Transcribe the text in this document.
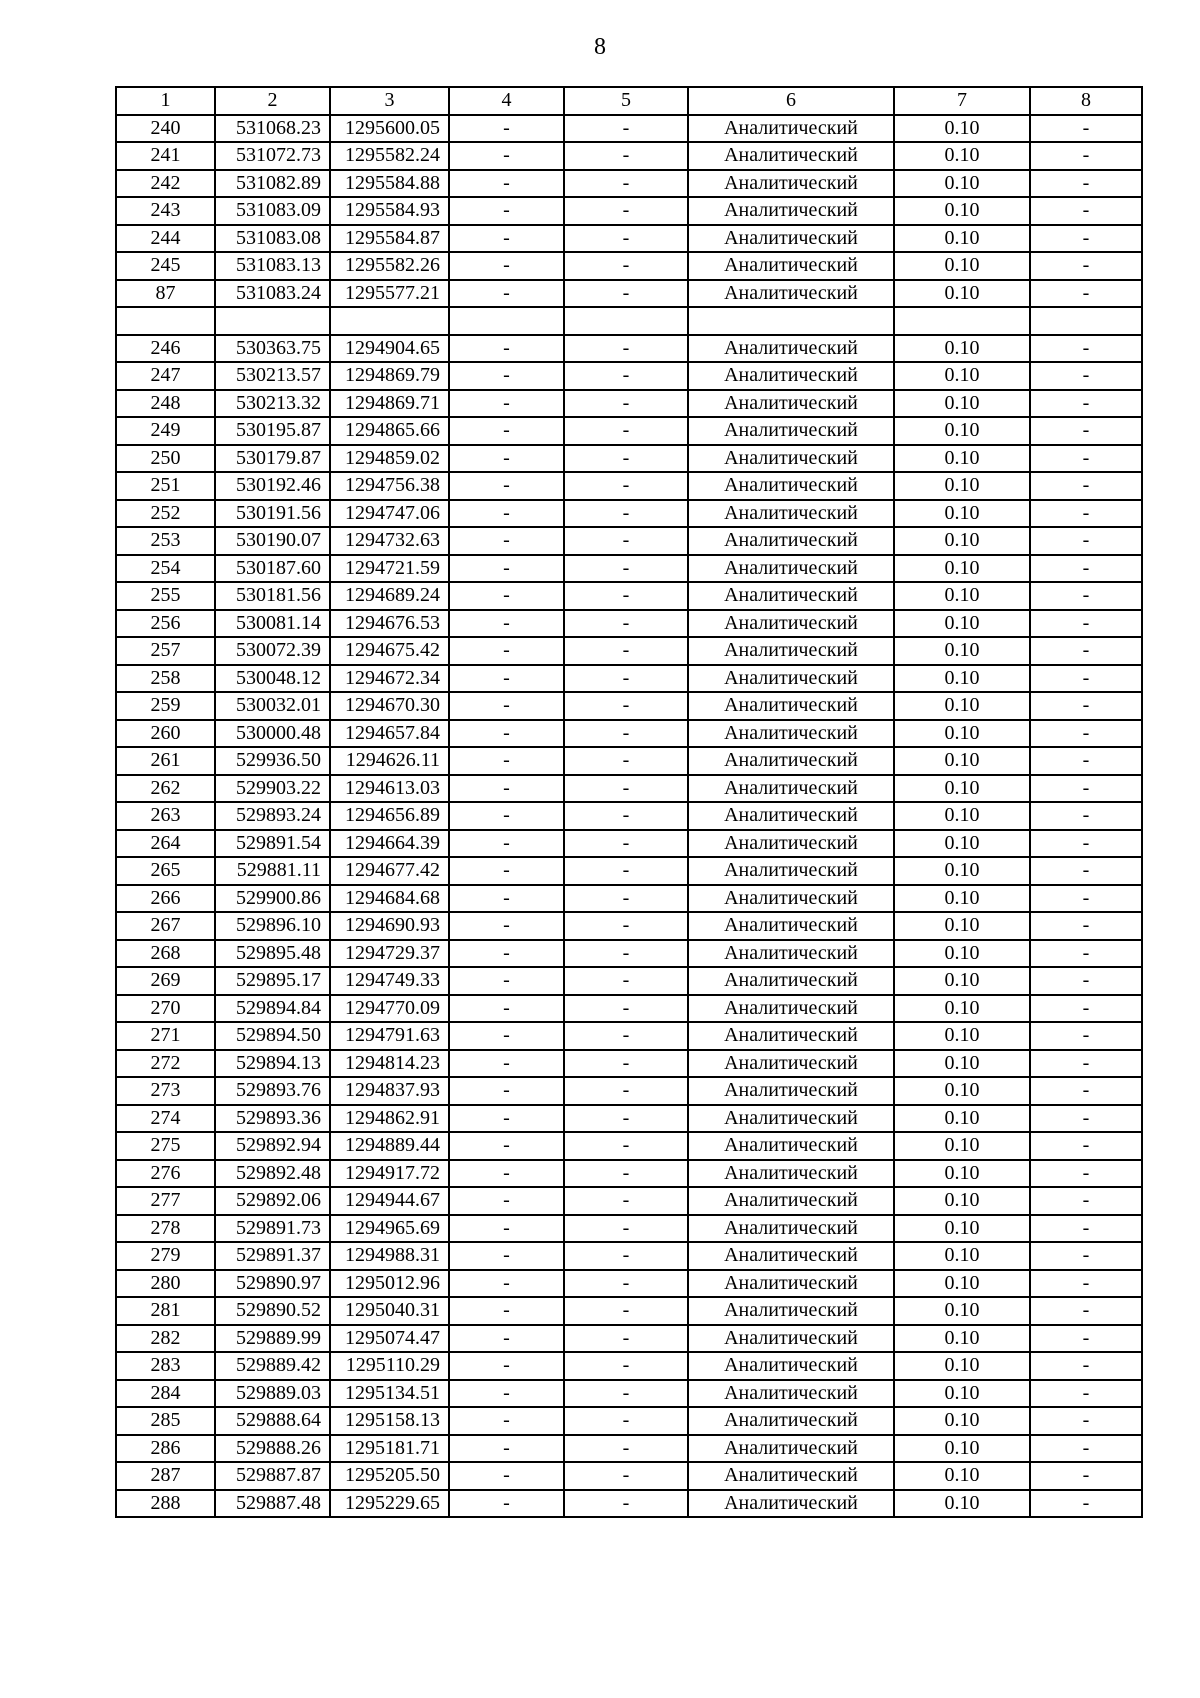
8
1	2	3	4	5	6	7	8
240	531068.23	1295600.05	-	-	Аналитический	0.10	-
241	531072.73	1295582.24	-	-	Аналитический	0.10	-
242	531082.89	1295584.88	-	-	Аналитический	0.10	-
243	531083.09	1295584.93	-	-	Аналитический	0.10	-
244	531083.08	1295584.87	-	-	Аналитический	0.10	-
245	531083.13	1295582.26	-	-	Аналитический	0.10	-
87	531083.24	1295577.21	-	-	Аналитический	0.10	-

246	530363.75	1294904.65	-	-	Аналитический	0.10	-
247	530213.57	1294869.79	-	-	Аналитический	0.10	-
248	530213.32	1294869.71	-	-	Аналитический	0.10	-
249	530195.87	1294865.66	-	-	Аналитический	0.10	-
250	530179.87	1294859.02	-	-	Аналитический	0.10	-
251	530192.46	1294756.38	-	-	Аналитический	0.10	-
252	530191.56	1294747.06	-	-	Аналитический	0.10	-
253	530190.07	1294732.63	-	-	Аналитический	0.10	-
254	530187.60	1294721.59	-	-	Аналитический	0.10	-
255	530181.56	1294689.24	-	-	Аналитический	0.10	-
256	530081.14	1294676.53	-	-	Аналитический	0.10	-
257	530072.39	1294675.42	-	-	Аналитический	0.10	-
258	530048.12	1294672.34	-	-	Аналитический	0.10	-
259	530032.01	1294670.30	-	-	Аналитический	0.10	-
260	530000.48	1294657.84	-	-	Аналитический	0.10	-
261	529936.50	1294626.11	-	-	Аналитический	0.10	-
262	529903.22	1294613.03	-	-	Аналитический	0.10	-
263	529893.24	1294656.89	-	-	Аналитический	0.10	-
264	529891.54	1294664.39	-	-	Аналитический	0.10	-
265	529881.11	1294677.42	-	-	Аналитический	0.10	-
266	529900.86	1294684.68	-	-	Аналитический	0.10	-
267	529896.10	1294690.93	-	-	Аналитический	0.10	-
268	529895.48	1294729.37	-	-	Аналитический	0.10	-
269	529895.17	1294749.33	-	-	Аналитический	0.10	-
270	529894.84	1294770.09	-	-	Аналитический	0.10	-
271	529894.50	1294791.63	-	-	Аналитический	0.10	-
272	529894.13	1294814.23	-	-	Аналитический	0.10	-
273	529893.76	1294837.93	-	-	Аналитический	0.10	-
274	529893.36	1294862.91	-	-	Аналитический	0.10	-
275	529892.94	1294889.44	-	-	Аналитический	0.10	-
276	529892.48	1294917.72	-	-	Аналитический	0.10	-
277	529892.06	1294944.67	-	-	Аналитический	0.10	-
278	529891.73	1294965.69	-	-	Аналитический	0.10	-
279	529891.37	1294988.31	-	-	Аналитический	0.10	-
280	529890.97	1295012.96	-	-	Аналитический	0.10	-
281	529890.52	1295040.31	-	-	Аналитический	0.10	-
282	529889.99	1295074.47	-	-	Аналитический	0.10	-
283	529889.42	1295110.29	-	-	Аналитический	0.10	-
284	529889.03	1295134.51	-	-	Аналитический	0.10	-
285	529888.64	1295158.13	-	-	Аналитический	0.10	-
286	529888.26	1295181.71	-	-	Аналитический	0.10	-
287	529887.87	1295205.50	-	-	Аналитический	0.10	-
288	529887.48	1295229.65	-	-	Аналитический	0.10	-
